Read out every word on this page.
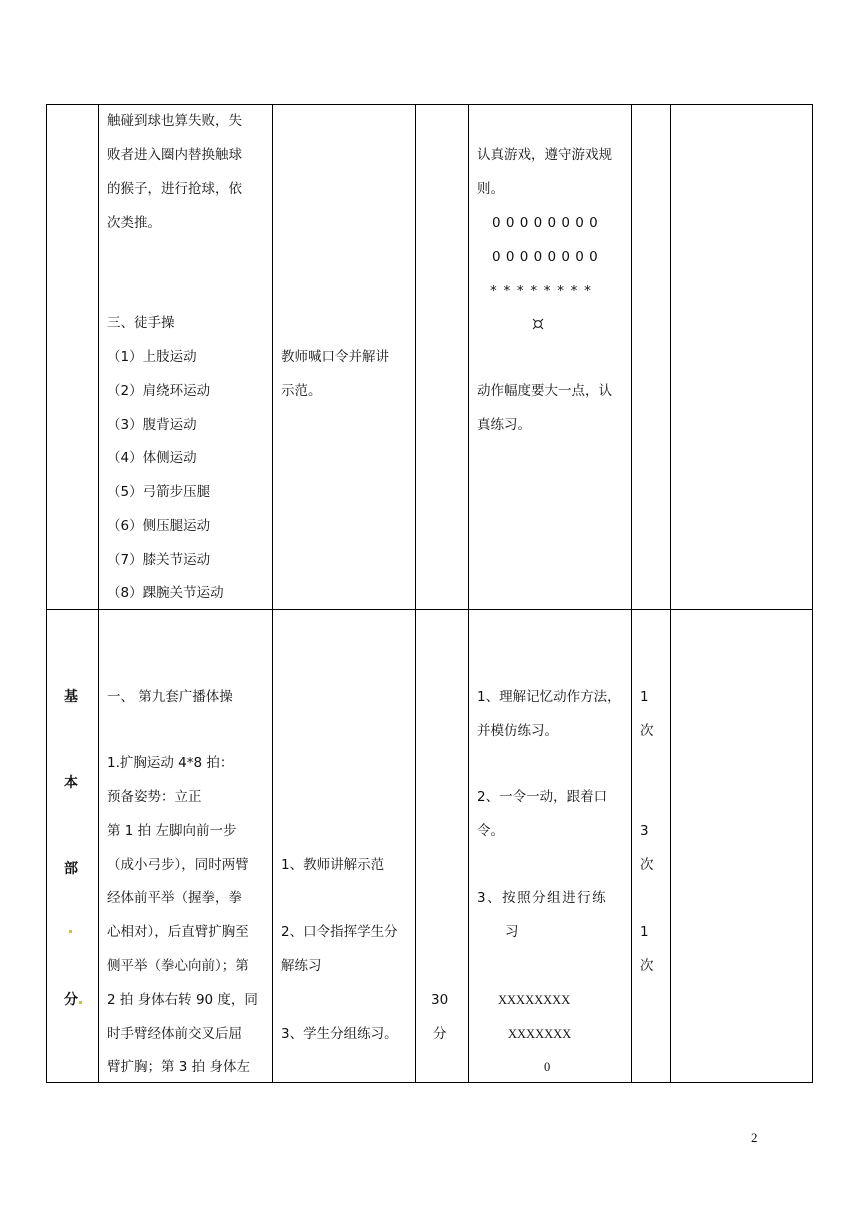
触碰到球也算失败，失
败者进入圈内替换触球
的猴子，进行抢球，依
次类推。
三、徒手操
（1）上肢运动
（2）肩绕环运动
（3）腹背运动
（4）体侧运动
（5）弓箭步压腿
（6）侧压腿运动
（7）膝关节运动
（8）踝腕关节运动
教师喊口令并解讲
示范。
认真游戏，遵守游戏规
则。
0 0 0 0 0 0 0 0
0 0 0 0 0 0 0 0
* * * * * * * *
动作幅度要大一点，认
真练习。
基
本
部
分
一、 第九套广播体操
1.扩胸运动 4*8 拍：
预备姿势：立正
第 1 拍 左脚向前一步
（成小弓步），同时两臂
经体前平举（握拳，拳
心相对），后直臂扩胸至
侧平举（拳心向前）；第
2 拍 身体右转 90 度，同
时手臂经体前交叉后屈
臂扩胸；第 3 拍 身体左
1、教师讲解示范
2、口令指挥学生分
解练习
3、学生分组练习。
30
分
1、理解记忆动作方法，
并模仿练习。
2、一令一动，跟着口
令。
3、按照分组进行练
习
XXXXXXXX
XXXXXXX
0
1
次
3
次
1
次
2
